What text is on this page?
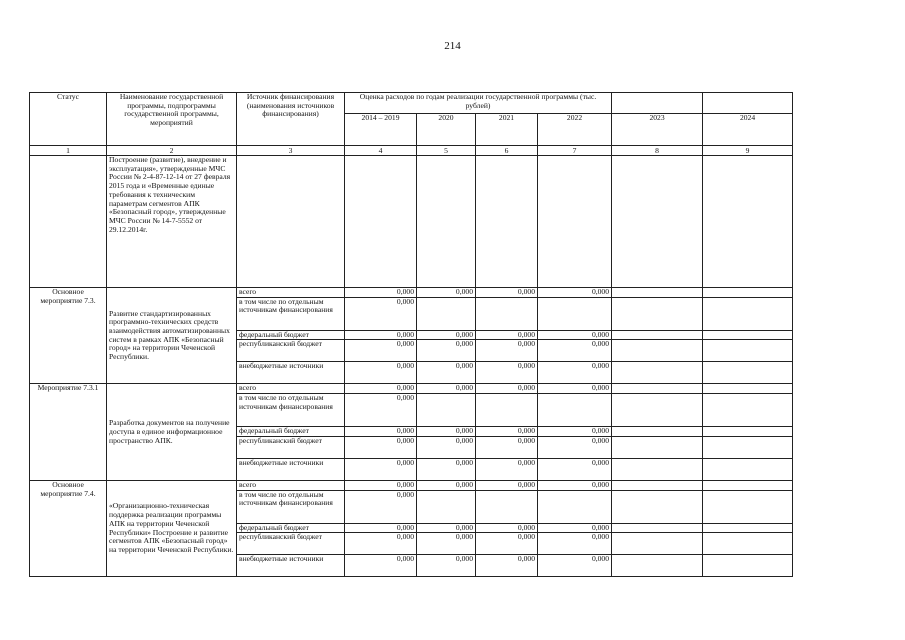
214
Статус	Наименование государственной программы, подпрограммы государственной программы, мероприятий	Источник финансирования (наименования источников финансирования)	Оценка расходов по годам реализации государственной программы (тыс. рублей)					
			2014 – 2019	2020	2021	2022	2023	2024
1	2	3	4	5	6	7	8	9
	Построение (развитие), внедрение и эксплуатация», утвержденные МЧС России № 2-4-87-12-14 от 27 февраля 2015 года и «Временные единые требования к техническим параметрам сегментов АПК «Безопасный город», утвержденные МЧС России № 14-7-5552 от 29.12.2014г.							
Основное мероприятие 7.3.	Развитие стандартизированных программно-технических средств взаимодействия автоматизированных систем в рамках АПК «Безопасный город» на территории Чеченской Республики.	всего	0,000	0,000	0,000	0,000		
		в том числе по отдельным источникам финансирования	0,000					
		федеральный бюджет	0,000	0,000	0,000	0,000		
		республиканский бюджет	0,000	0,000	0,000	0,000		
		внебюджетные источники	0,000	0,000	0,000	0,000		
Мероприятие 7.3.1	Разработка документов на получение доступа в единое информационное пространство АПК.	всего	0,000	0,000	0,000	0,000		
		в том числе по отдельным источникам финансирования	0,000					
		федеральный бюджет	0,000	0,000	0,000	0,000		
		республиканский бюджет	0,000	0,000	0,000	0,000		
		внебюджетные источники	0,000	0,000	0,000	0,000		
Основное мероприятие 7.4.	«Организационно-техническая поддержка реализации программы АПК на территории Чеченской Республики» Построение и развитие сегментов АПК «Безопасный город» на территории Чеченской Республики.	всего	0,000	0,000	0,000	0,000		
		в том числе по отдельным источникам финансирования	0,000					
		федеральный бюджет	0,000	0,000	0,000	0,000		
		республиканский бюджет	0,000	0,000	0,000	0,000		
		внебюджетные источники	0,000	0,000	0,000	0,000		
